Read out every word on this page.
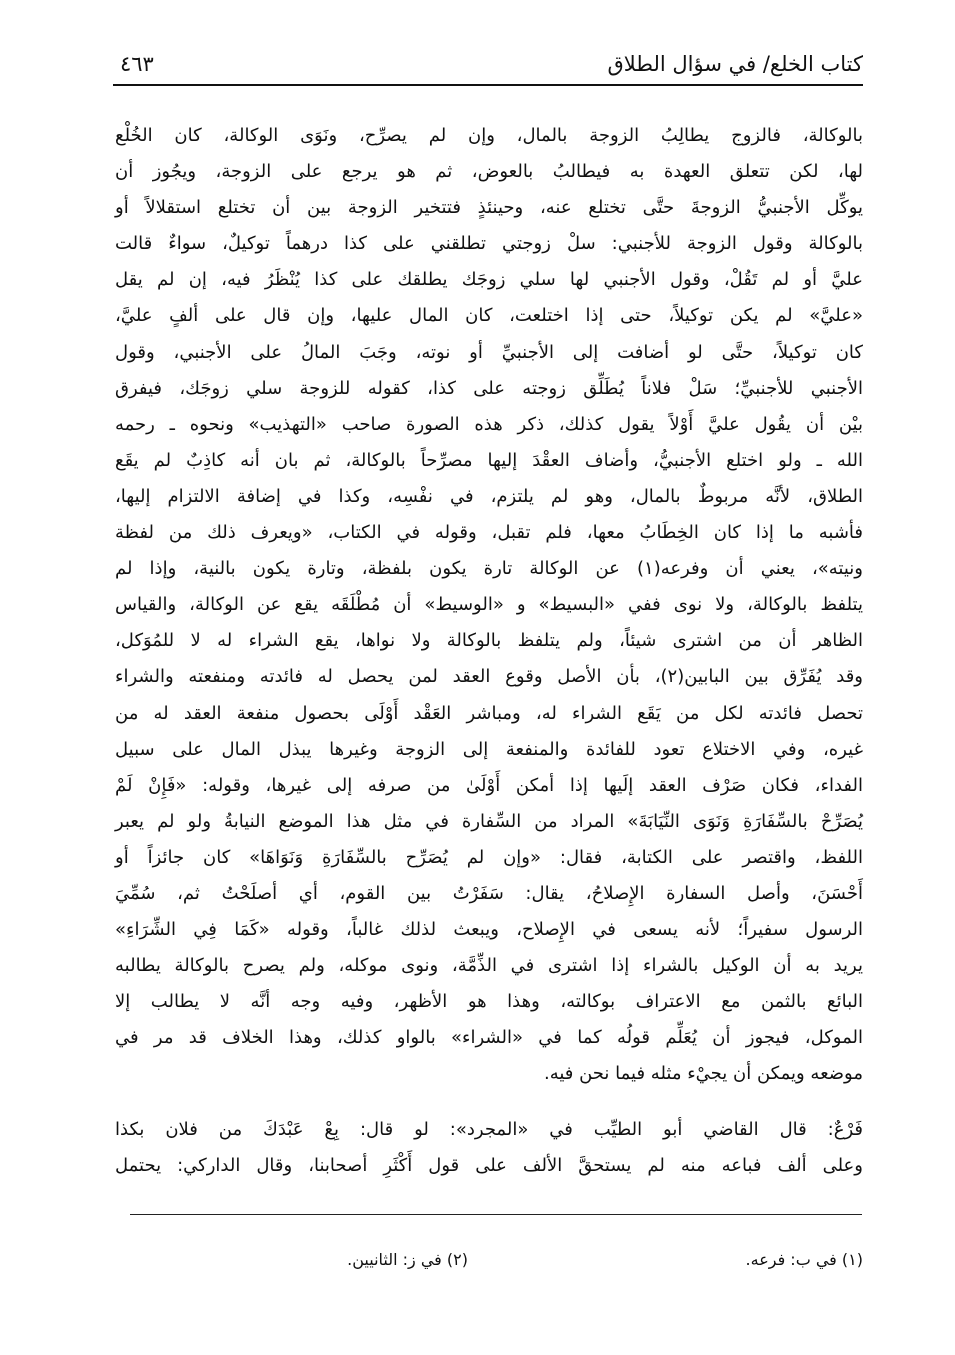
كتاب الخلع/ في سؤال الطلاق
٤٦٣
بالوكالة، فالزوج يطالِبُ الزوجة بالمال، وإن لم يصرِّح، ونَوَى الوكالة، كان الخُلْع
لها، لكن تتعلق العهدة به فيطالبُ بالعوض، ثم هو يرجع على الزوجة، ويجُوز أن
يوكِّل الأجنبيُّ الزوجةَ حتَّى تختلع عنه، وحينئذٍ فتتخير الزوجة بين أن تختلع استقلالاً أو
بالوكالة وقول الزوجة للأجنبي: سلْ زوجتي تطلقني على كذا درهماً توكيلٌ، سواءٌ قالت
عليَّ أو لم تَقُلْ، وقول الأجنبي لها سلي زوجَك يطلقك على كذا يُنْظَرُ فيه، إن لم يقل
«عليَّ» لم يكن توكيلاً، حتى إذا اختلعت، كان المال عليها، وإن قال على ألفٍ عليَّ،
كان توكيلاً، حتَّى لو أضافت إلى الأجنبيِّ أو نوته، وجَبَ المالُ على الأجنبي، وقول
الأجنبي للأجنبيِّ؛ سَلْ فلاناً يُطَلِّق زوجته على كذا، كقوله للزوجة سلي زوجَك، فيفرق
بيْن أن يقُول عليَّ أَوْلاً يقول كذلك، ذكر هذه الصورة صاحب «التهذيب» ونحوه ـ رحمه
الله ـ ولو اختلع الأجنبيُّ، وأضاف العقْدَ إليها مصرِّحاً بالوكالة، ثم بان أنه كاذِبٌ لم يقَع
الطلاق، لأنَّه مربوطٌ بالمال، وهو لم يلتزم، في نفْسِه، وكذا في إضافة الالتزام إليها،
فأشبه ما إذا كان الخِطَابُ معها، فلم تقبل، وقوله في الكتاب، «ويعرف ذلك من لفظة
ونيته»، يعني أن وفرعه(١) عن الوكالة تارة يكون بلفظة، وتارة يكون بالنية، وإذا لم
يتلفظ بالوكالة، ولا نوى ففي «البسيط» و «الوسيط» أن مُطْلَقَه يقع عن الوكالة، والقياس
الظاهر أن من اشترى شيئاً، ولم يتلفظ بالوكالة ولا نواها، يقع الشراء له لا للمُوَكل،
وقد يُفَرِّق بين البابين(٢)، بأن الأصل وقوع العقد لمن يحصل له فائدته ومنفعته والشراء
تحصل فائدته لكل من يَقَع الشراء له، ومباشر العَقْد أَوْلَى بحصول منفعة العقد له من
غيره، وفي الاختلاع تعود للفائدة والمنفعة إلى الزوجة وغيرها يبذل المال على سبيل
الفداء، فكان صَرْف العقد إلَيها إذا أمكن أَوْلَىٰ من صرفه إلى غيرها، وقوله: «فَإِنْ لَمْ
يُصَرِّحْ بالسِّفَارَةِ وَنَوَى النِّيَابَةَ» المراد من السِّفارة في مثل هذا الموضع النيابةُ ولو لم يعبر
اللفظ، واقتصر على الكتابة، فقال: «وإن لم يُصَرِّح بالسِّفَارَةِ وَنَوَاهَا» كان جائزاً أو
أَحْسَنَ، وأصل السفارة الإِصلاحُ، يقال: سَفَرْتُ بين القوم، أي أصلَحْتُ ثم، سُمِّيَ
الرسول سفيراً؛ لأنه يسعى في الإِصلاح، ويبعث لذلك غالباً، وقوله «كَمَا فِي الشِّرَاءِ»
يريد به أن الوكيل بالشراء إذا اشترى في الذِّمَّة، ونوى موكله، ولم يصرح بالوكالة يطالبه
البائع بالثمن مع الاعتراف بوكالته، وهذا هو الأظهر، وفيه وجه أنَّه لا يطالب إلا
الموكل، فيجوز أن يُعَلِّم قولُه كما في «الشراء» بالواو كذلك، وهذا الخلاف قد مر في
موضعه ويمكن أن يجيْء مثله فيما نحن فيه.
فَرْعٌ: قال القاضي أبو الطيِّب في «المجرد»: لو قال: بِعْ عَبْدَكَ من فلان بكذا
وعلى ألف فباعه منه لم يستحقَّ الألف على قول أَكْثَرِ أصحابنا، وقال الداركي: يحتمل
(١) في ب: فرعه.
(٢) في ز: الثانيين.
